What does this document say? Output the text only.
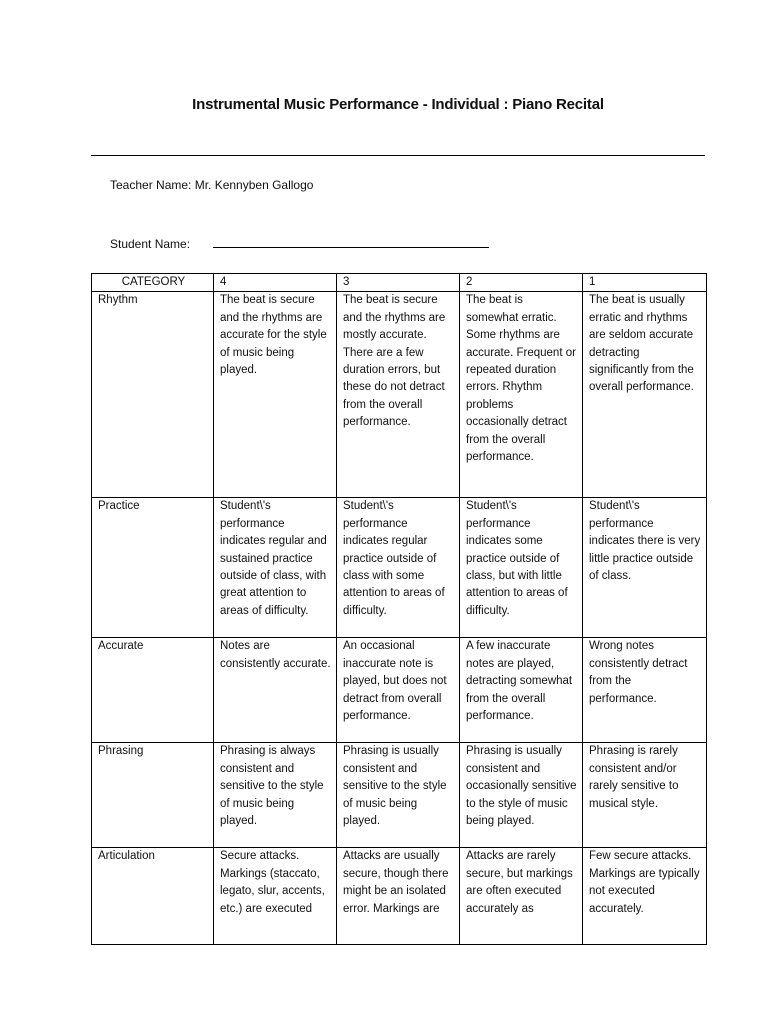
Instrumental Music Performance - Individual : Piano Recital
Teacher Name: Mr. Kennyben Gallogo
Student Name:
CATEGORY	4	3	2	1
Rhythm	The beat is secure and the rhythms are accurate for the style of music being played.	The beat is secure and the rhythms are mostly accurate. There are a few duration errors, but these do not detract from the overall performance.	The beat is somewhat erratic. Some rhythms are accurate. Frequent or repeated duration errors. Rhythm problems occasionally detract from the overall performance.	The beat is usually erratic and rhythms are seldom accurate detracting significantly from the overall performance.
Practice	Student\'s performance indicates regular and sustained practice outside of class, with great attention to areas of difficulty.	Student\'s performance indicates regular practice outside of class with some attention to areas of difficulty.	Student\'s performance indicates some practice outside of class, but with little attention to areas of difficulty.	Student\'s performance indicates there is very little practice outside of class.
Accurate	Notes are consistently accurate.	An occasional inaccurate note is played, but does not detract from overall performance.	A few inaccurate notes are played, detracting somewhat from the overall performance.	Wrong notes consistently detract from the performance.
Phrasing	Phrasing is always consistent and sensitive to the style of music being played.	Phrasing is usually consistent and sensitive to the style of music being played.	Phrasing is usually consistent and occasionally sensitive to the style of music being played.	Phrasing is rarely consistent and/or rarely sensitive to musical style.
Articulation	Secure attacks. Markings (staccato, legato, slur, accents, etc.) are executed	Attacks are usually secure, though there might be an isolated error. Markings are	Attacks are rarely secure, but markings are often executed accurately as	Few secure attacks. Markings are typically not executed accurately.
